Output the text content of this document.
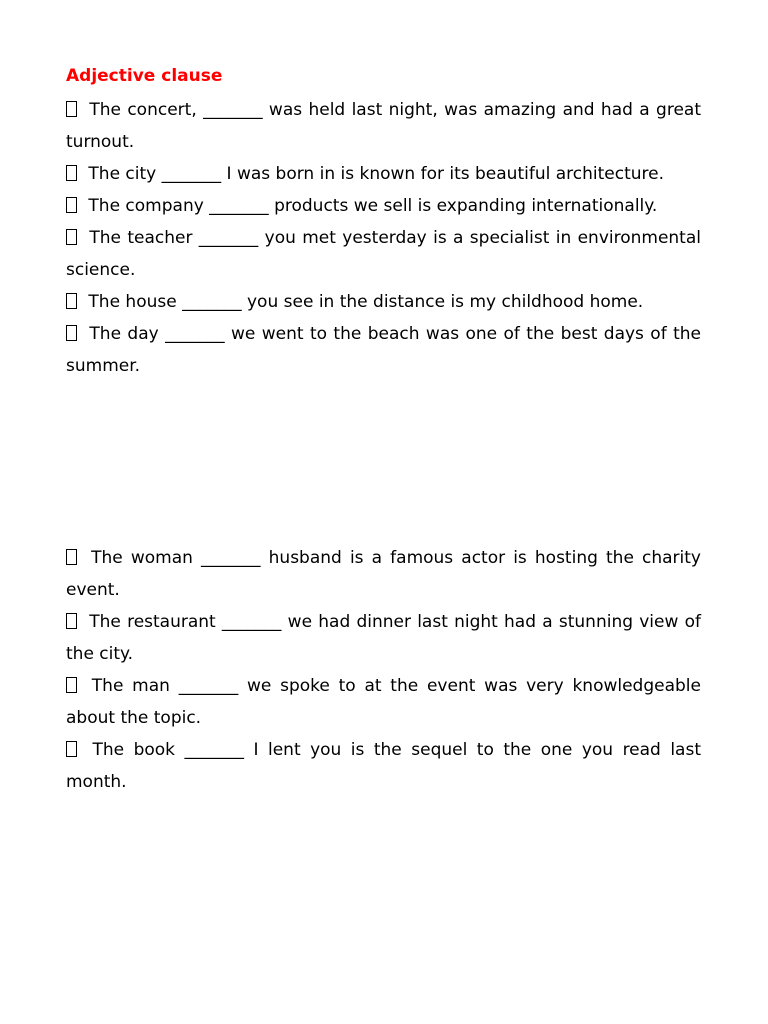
Adjective clause

The concert, _______ was held last night, was amazing and had a great turnout.

The city _______ I was born in is known for its beautiful architecture.

The company _______ products we sell is expanding internationally.

The teacher _______ you met yesterday is a specialist in environmental science.

The house _______ you see in the distance is my childhood home.

The day _______ we went to the beach was one of the best days of the summer.

The woman _______ husband is a famous actor is hosting the charity event.

The restaurant _______ we had dinner last night had a stunning view of the city.

The man _______ we spoke to at the event was very knowledgeable about the topic.

The book _______ I lent you is the sequel to the one you read last month.
